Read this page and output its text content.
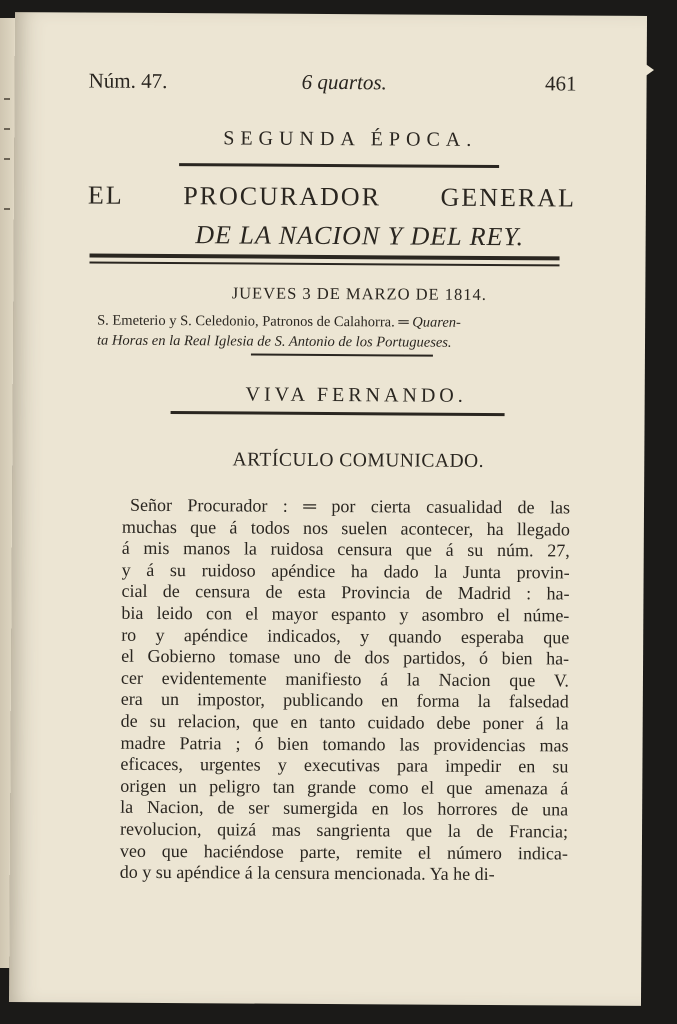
Núm. 47.	6 quartos.	461
SEGUNDA ÉPOCA.
EL PROCURADOR GENERAL
DE LA NACION Y DEL REY.
JUEVES 3 DE MARZO DE 1814.

S. Emeterio y S. Celedonio, Patronos de Calahorra. ═ Quaren-

ta Horas en la Real Iglesia de S. Antonio de los Portugueses.

VIVA FERNANDO.
ARTÍCULO COMUNICADO.
Señor Procurador : ═ por cierta casualidad de las
muchas que á todos nos suelen acontecer, ha llegado
á mis manos la ruidosa censura que á su núm. 27,
y á su ruidoso apéndice ha dado la Junta provin-
cial de censura de esta Provincia de Madrid : ha-
bia leido con el mayor espanto y asombro el núme-
ro y apéndice indicados, y quando esperaba que
el Gobierno tomase uno de dos partidos, ó bien ha-
cer evidentemente manifiesto á la Nacion que V.
era un impostor, publicando en forma la falsedad
de su relacion, que en tanto cuidado debe poner á la
madre Patria ; ó bien tomando las providencias mas
eficaces, urgentes y executivas para impedir en su
origen un peligro tan grande como el que amenaza á
la Nacion, de ser sumergida en los horrores de una
revolucion, quizá mas sangrienta que la de Francia;
veo que haciéndose parte, remite el número indica-
do y su apéndice á la censura mencionada. Ya he di-
